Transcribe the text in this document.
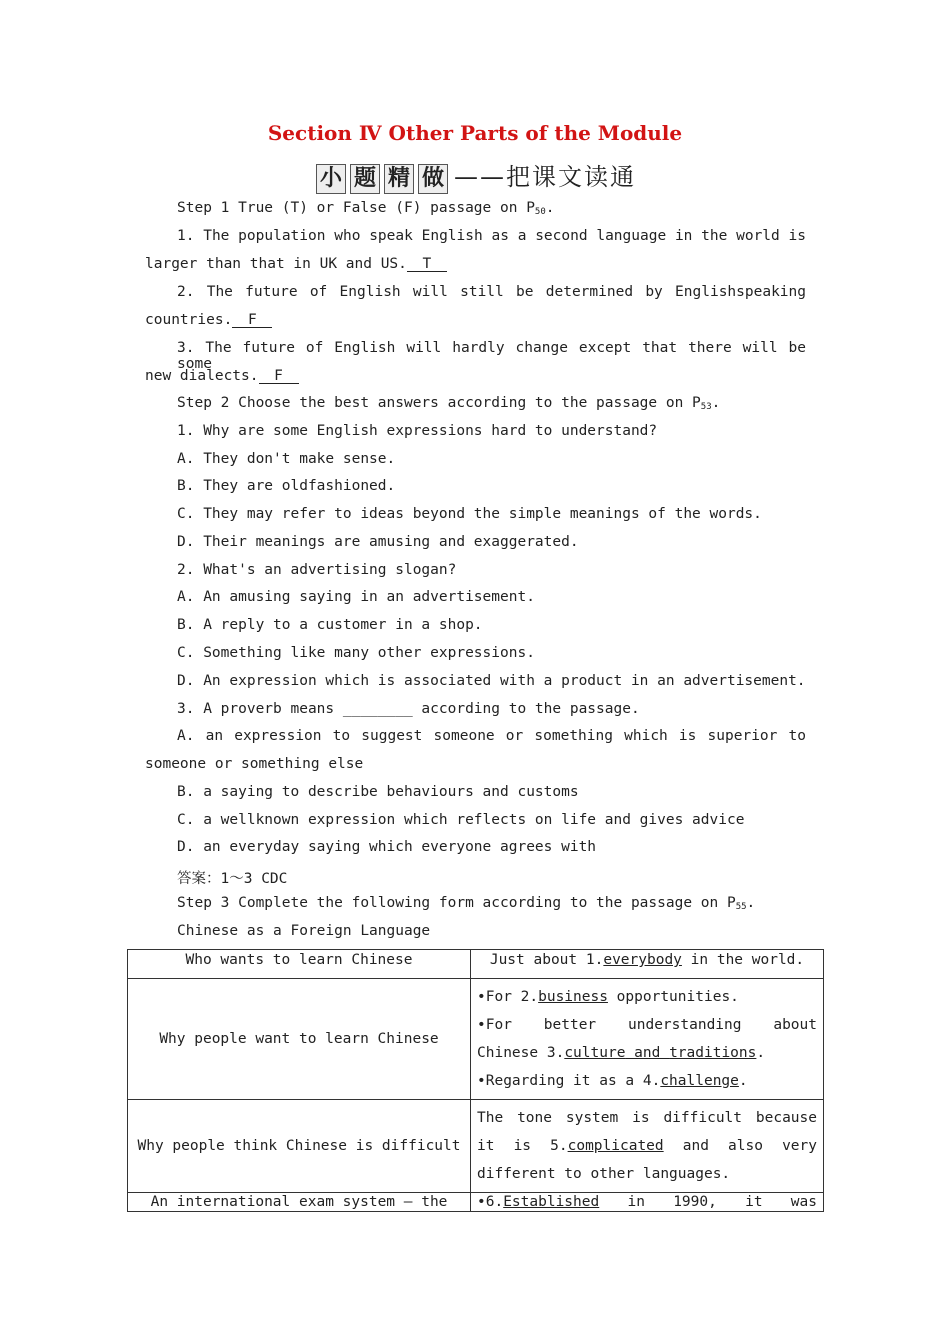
Section Ⅳ Other Parts of the Module
小 题 精 做 ——把课文读通
Step 1 True (T) or False (F) passage on $P_{50}$.
1. The population who speak English as a second language in the world is
larger than that in UK and US. T
2. The future of English will still be determined by Englishspeaking
countries. F
3. The future of English will hardly change except that there will be some
new dialects. F
Step 2 Choose the best answers according to the passage on $P_{53}$.
1. Why are some English expressions hard to understand?
A. They don't make sense.
B. They are oldfashioned.
C. They may refer to ideas beyond the simple meanings of the words.
D. Their meanings are amusing and exaggerated.
2. What's an advertising slogan?
A. An amusing saying in an advertisement.
B. A reply to a customer in a shop.
C. Something like many other expressions.
D. An expression which is associated with a product in an advertisement.
3. A proverb means ________ according to the passage.
A. an expression to suggest someone or something which is superior to
someone or something else
B. a saying to describe behaviours and customs
C. a wellknown expression which reflects on life and gives advice
D. an everyday saying which everyone agrees with
答案：1～3 CDC
Step 3 Complete the following form according to the passage on $P_{55}$.
Chinese as a Foreign Language
Who wants to learn Chinese	Just about 1.everybody in the world.
Why people want to learn Chinese	•For 2.business opportunities.
•For better understanding about Chinese 3.culture and traditions.
•Regarding it as a 4.challenge.

Why people think Chinese is difficult	The tone system is difficult because it is 5.complicated and also very different to other languages.
An international exam system — the	•6.Established in 1990, it was
